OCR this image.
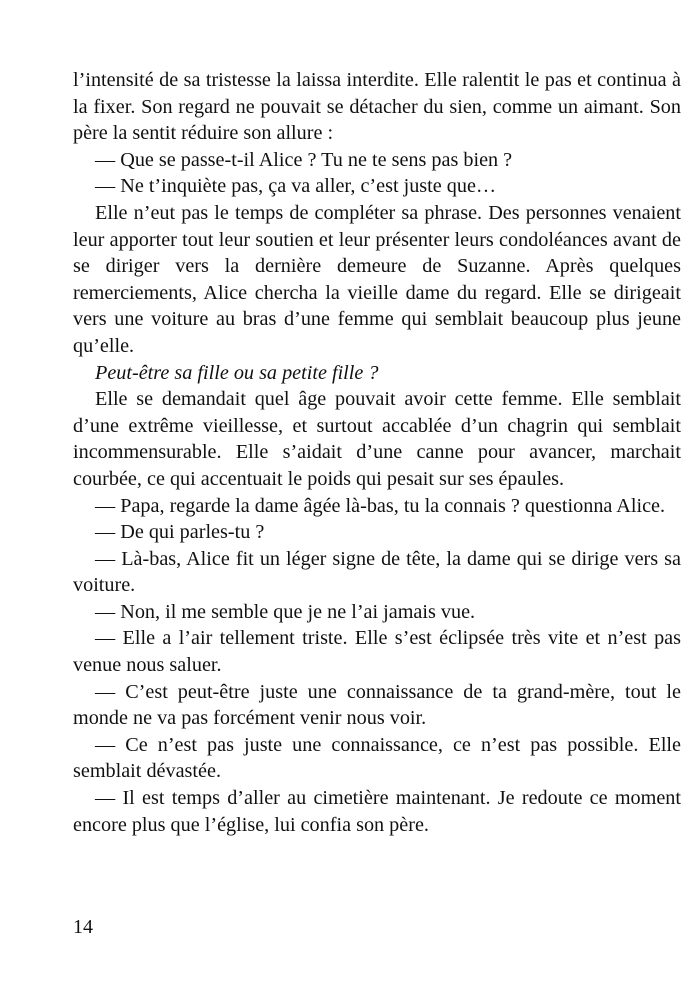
l’intensité de sa tristesse la laissa interdite. Elle ralentit le pas et continua à la fixer. Son regard ne pouvait se détacher du sien, comme un aimant. Son père la sentit réduire son allure :

— Que se passe-t-il Alice ? Tu ne te sens pas bien ?

— Ne t’inquiète pas, ça va aller, c’est juste que…

Elle n’eut pas le temps de compléter sa phrase. Des personnes venaient leur apporter tout leur soutien et leur présenter leurs condoléances avant de se diriger vers la dernière demeure de Suzanne. Après quelques remerciements, Alice chercha la vieille dame du regard. Elle se dirigeait vers une voiture au bras d’une femme qui semblait beaucoup plus jeune qu’elle.

Peut-être sa fille ou sa petite fille ?

Elle se demandait quel âge pouvait avoir cette femme. Elle semblait d’une extrême vieillesse, et surtout accablée d’un chagrin qui semblait incommensurable. Elle s’aidait d’une canne pour avancer, marchait courbée, ce qui accentuait le poids qui pesait sur ses épaules.

— Papa, regarde la dame âgée là-bas, tu la connais ? questionna Alice.

— De qui parles-tu ?

— Là-bas, Alice fit un léger signe de tête, la dame qui se dirige vers sa voiture.

— Non, il me semble que je ne l’ai jamais vue.

— Elle a l’air tellement triste. Elle s’est éclipsée très vite et n’est pas venue nous saluer.

— C’est peut-être juste une connaissance de ta grand-mère, tout le monde ne va pas forcément venir nous voir.

— Ce n’est pas juste une connaissance, ce n’est pas possible. Elle semblait dévastée.

— Il est temps d’aller au cimetière maintenant. Je redoute ce moment encore plus que l’église, lui confia son père.

14
